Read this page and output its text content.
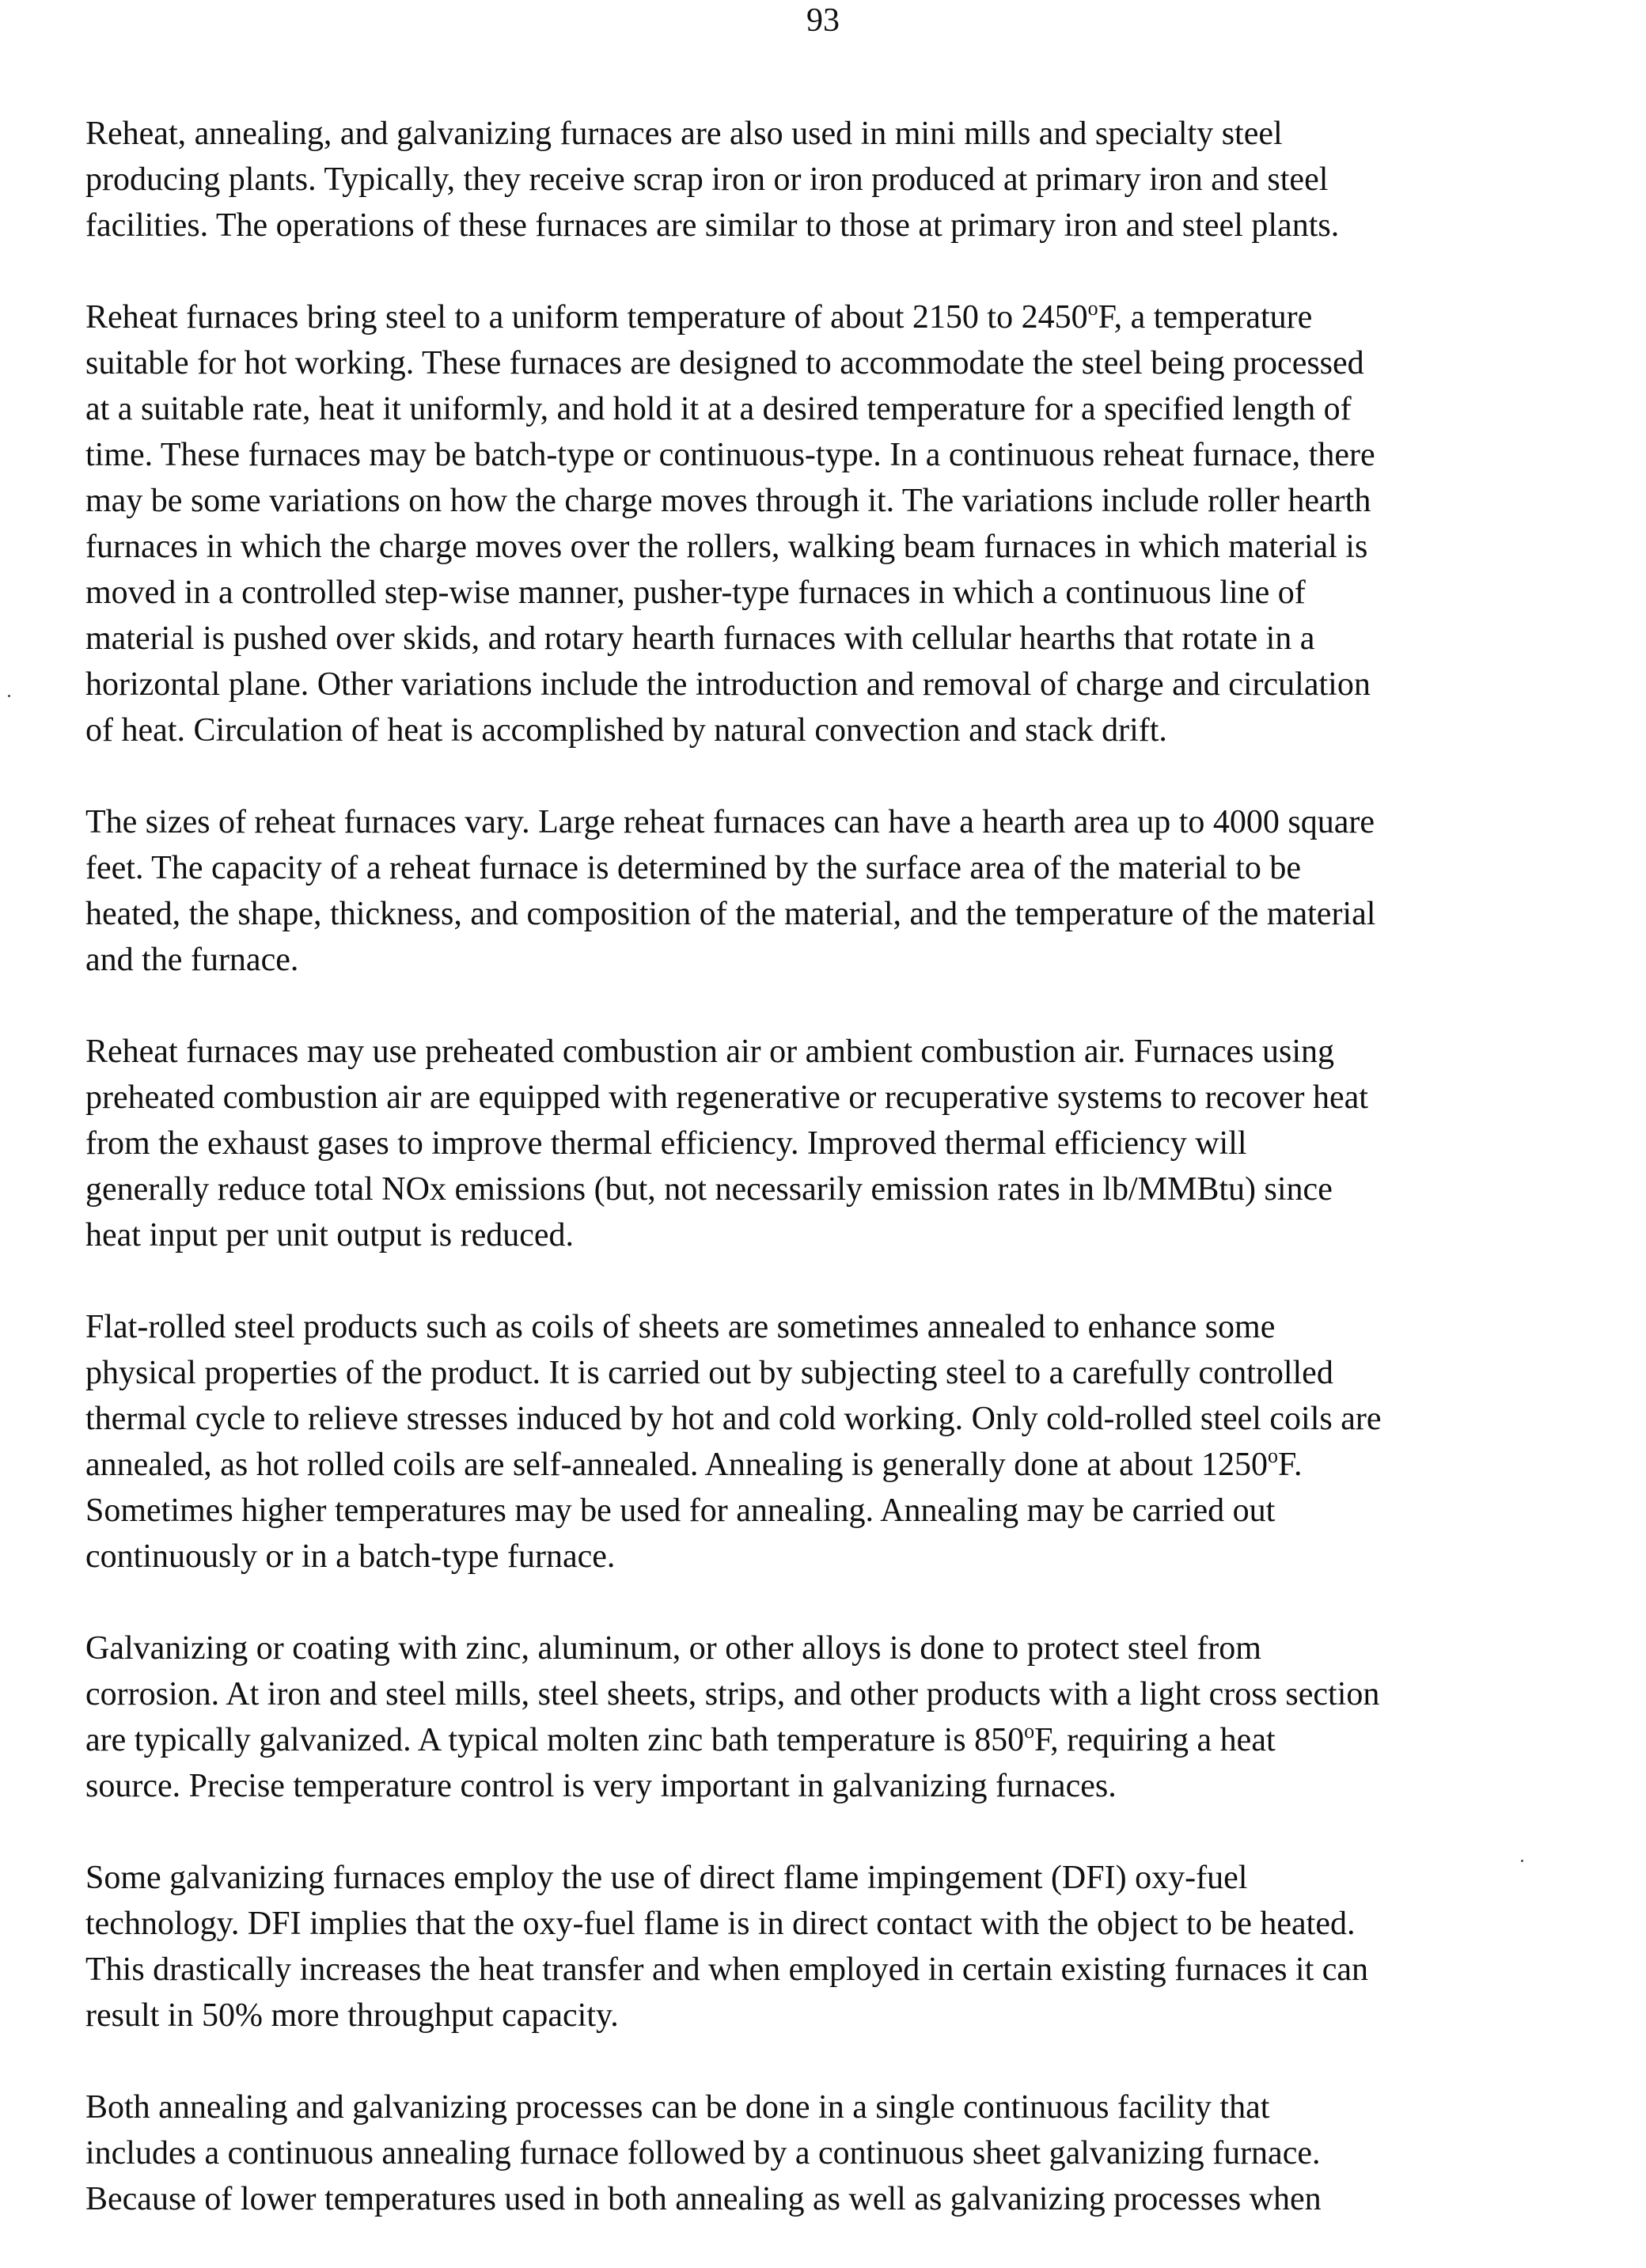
93

Reheat, annealing, and galvanizing furnaces are also used in mini mills and specialty steel
producing plants. Typically, they receive scrap iron or iron produced at primary iron and steel
facilities. The operations of these furnaces are similar to those at primary iron and steel plants.

Reheat furnaces bring steel to a uniform temperature of about 2150 to 2450$^o$F, a temperature
suitable for hot working. These furnaces are designed to accommodate the steel being processed
at a suitable rate, heat it uniformly, and hold it at a desired temperature for a specified length of
time. These furnaces may be batch-type or continuous-type. In a continuous reheat furnace, there
may be some variations on how the charge moves through it. The variations include roller hearth
furnaces in which the charge moves over the rollers, walking beam furnaces in which material is
moved in a controlled step-wise manner, pusher-type furnaces in which a continuous line of
material is pushed over skids, and rotary hearth furnaces with cellular hearths that rotate in a
horizontal plane. Other variations include the introduction and removal of charge and circulation
of heat. Circulation of heat is accomplished by natural convection and stack drift.

The sizes of reheat furnaces vary. Large reheat furnaces can have a hearth area up to 4000 square
feet. The capacity of a reheat furnace is determined by the surface area of the material to be
heated, the shape, thickness, and composition of the material, and the temperature of the material
and the furnace.

Reheat furnaces may use preheated combustion air or ambient combustion air. Furnaces using
preheated combustion air are equipped with regenerative or recuperative systems to recover heat
from the exhaust gases to improve thermal efficiency. Improved thermal efficiency will
generally reduce total NOx emissions (but, not necessarily emission rates in lb/MMBtu) since
heat input per unit output is reduced.

Flat-rolled steel products such as coils of sheets are sometimes annealed to enhance some
physical properties of the product. It is carried out by subjecting steel to a carefully controlled
thermal cycle to relieve stresses induced by hot and cold working. Only cold-rolled steel coils are
annealed, as hot rolled coils are self-annealed. Annealing is generally done at about 1250$^o$F.
Sometimes higher temperatures may be used for annealing. Annealing may be carried out
continuously or in a batch-type furnace.

Galvanizing or coating with zinc, aluminum, or other alloys is done to protect steel from
corrosion. At iron and steel mills, steel sheets, strips, and other products with a light cross section
are typically galvanized. A typical molten zinc bath temperature is 850$^o$F, requiring a heat
source. Precise temperature control is very important in galvanizing furnaces.

Some galvanizing furnaces employ the use of direct flame impingement (DFI) oxy-fuel
technology. DFI implies that the oxy-fuel flame is in direct contact with the object to be heated.
This drastically increases the heat transfer and when employed in certain existing furnaces it can
result in 50% more throughput capacity.

Both annealing and galvanizing processes can be done in a single continuous facility that
includes a continuous annealing furnace followed by a continuous sheet galvanizing furnace.
Because of lower temperatures used in both annealing as well as galvanizing processes when
